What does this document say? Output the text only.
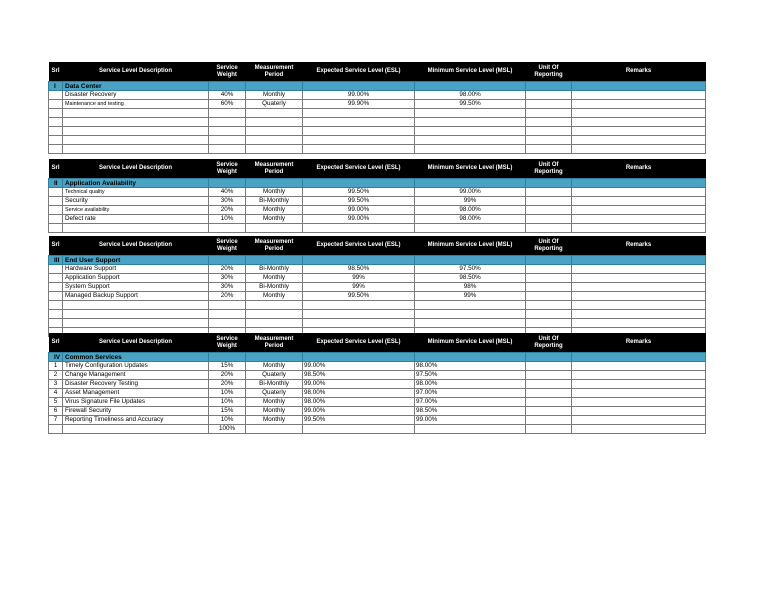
Srl	Service Level Description	Service Weight	Measurement Period	Expected Service Level (ESL)	Minimum Service Level (MSL)	Unit Of Reporting	Remarks
I	Data Center						
	Disaster Recovery	40%	Monthly	99.00%	98.00%		
	Maintenance and testing	60%	Quaterly	99.90%	99.50%		

Srl	Service Level Description	Service Weight	Measurement Period	Expected Service Level (ESL)	Minimum Service Level (MSL)	Unit Of Reporting	Remarks
II	Application Availability						
	Technical quality	40%	Monthly	99.50%	99.00%		
	Security	30%	Bi-Monthly	99.50%	99%		
	Service availability	20%	Monthly	99.00%	98.00%		
	Defect rate	10%	Monthly	99.00%	98.00%		

Srl	Service Level Description	Service Weight	Measurement Period	Expected Service Level (ESL)	Minimum Service Level (MSL)	Unit Of Reporting	Remarks
III	End User Support						
	Hardware Support	20%	Bi-Monthly	98.50%	97.50%		
	Application Support	30%	Monthly	99%	98.50%		
	System Support	30%	Bi-Monthly	99%	98%		
	Managed Backup Support	20%	Monthly	99.50%	99%		

Srl	Service Level Description	Service Weight	Measurement Period	Expected Service Level (ESL)	Minimum Service Level (MSL)	Unit Of Reporting	Remarks
IV	Common Services						
1	Timely Configuration Updates	15%	Monthly	99.00%	98.00%		
2	Change Management	20%	Quaterly	98.50%	97.50%		
3	Disaster Recovery Testing	20%	Bi-Monthly	99.00%	98.00%		
4	Asset Management	10%	Quaterly	98.00%	97.00%		
5	Virus Signature File Updates	10%	Monthly	98.00%	97.00%		
6	Firewall Security	15%	Monthly	99.00%	98.50%		
7	Reporting Timeliness and Accuracy	10%	Monthly	99.50%	99.00%		
		100%					
